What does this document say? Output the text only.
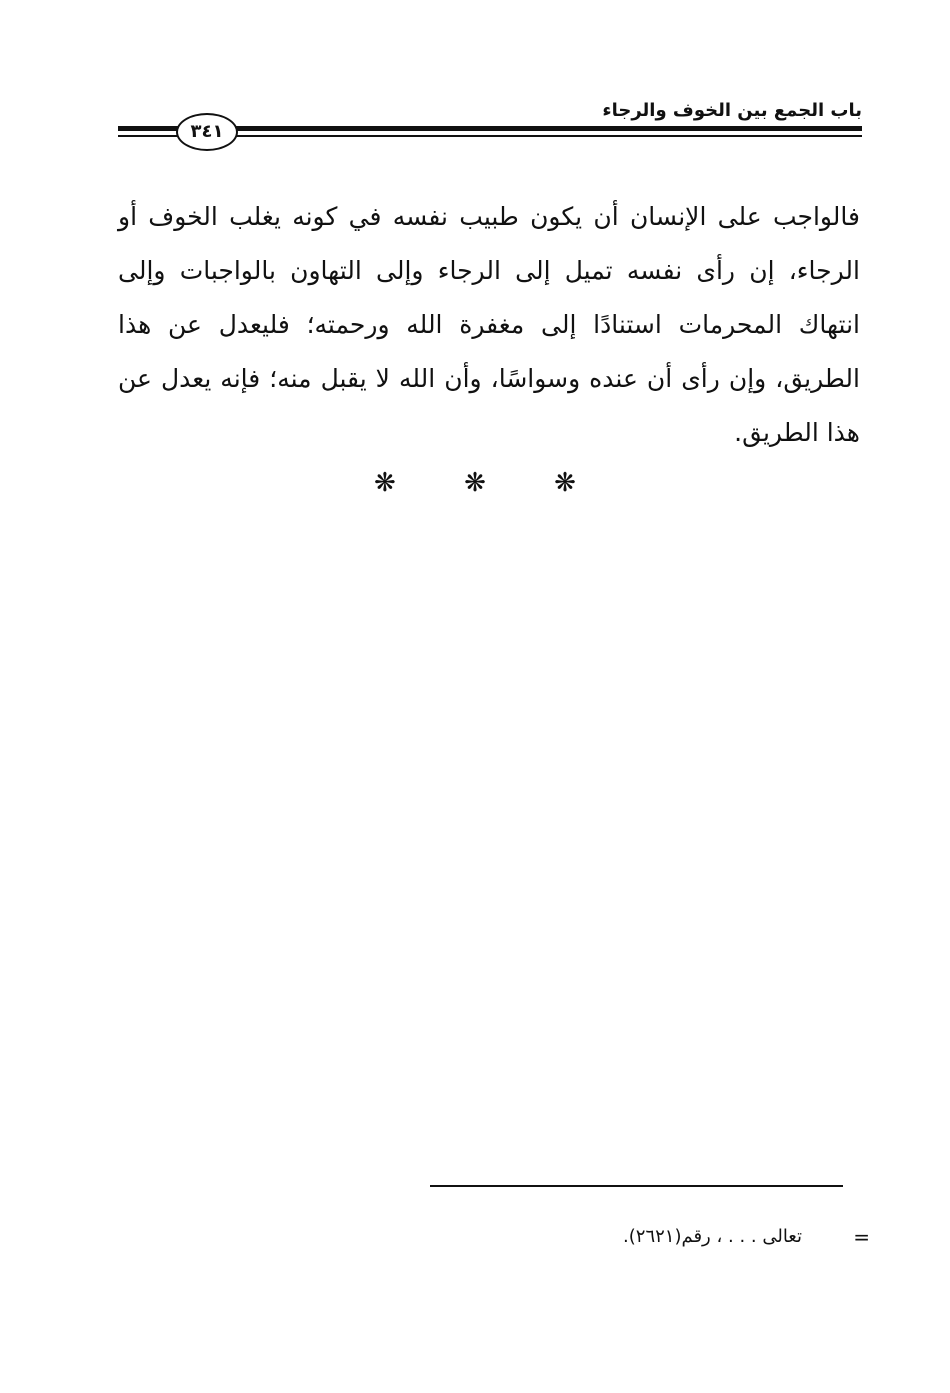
باب الجمع بين الخوف والرجاء
٣٤١

فالواجب على الإنسان أن يكون طبيب نفسه في كونه يغلب الخوف أو الرجاء، إن رأى نفسه تميل إلى الرجاء وإلى التهاون بالواجبات وإلى انتهاك المحرمات استنادًا إلى مغفرة الله ورحمته؛ فليعدل عن هذا الطريق، وإن رأى أن عنده وسواسًا، وأن الله لا يقبل منه؛ فإنه يعدل عن هذا الطريق.

❋	❋	❋
=
تعالى . . . ، رقم(٢٦٢١).
